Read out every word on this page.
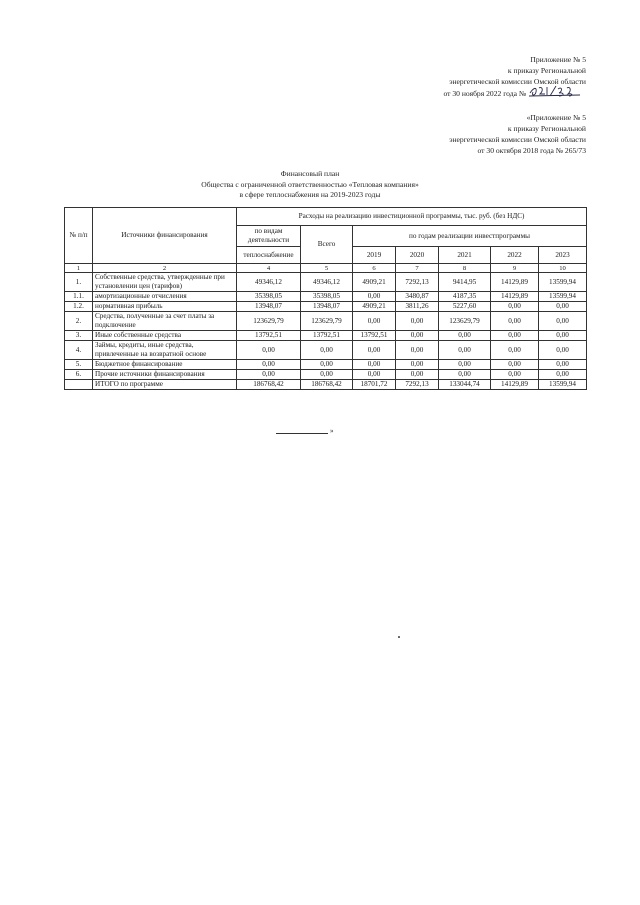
Приложение № 5
к приказу Региональной
энергетической комиссии Омской области
от 30 ноября 2022 года №
«Приложение № 5
к приказу Региональной
энергетической комиссии Омской области
от 30 октября 2018 года № 265/73
Финансовый план
Общества с ограниченной ответственностью «Тепловая компания»
в сфере теплоснабжения на 2019-2023 годы
№ п/п	Источники финансирования	Расходы на реализацию инвестиционной программы, тыс. руб. (без НДС)						
		по видам деятельности	Всего	по годам реализации инвестпрограммы				
		теплоснабжение		2019	2020	2021	2022	2023
1	2	4	5	6	7	8	9	10
1.	Собственные средства, утвержденные при установлении цен (тарифов)	49346,12	49346,12	4909,21	7292,13	9414,95	14129,89	13599,94
1.1.	амортизационные отчисления	35398,05	35398,05	0,00	3480,87	4187,35	14129,89	13599,94
1.2.	нормативная прибыль	13948,07	13948,07	4909,21	3811,26	5227,60	0,00	0,00
2.	Средства, полученные за счет платы за подключение	123629,79	123629,79	0,00	0,00	123629,79	0,00	0,00
3.	Иные собственные средства	13792,51	13792,51	13792,51	0,00	0,00	0,00	0,00
4.	Займы, кредиты, иные средства, привлеченные на возвратной основе	0,00	0,00	0,00	0,00	0,00	0,00	0,00
5.	Бюджетное финансирование	0,00	0,00	0,00	0,00	0,00	0,00	0,00
6.	Прочие источники финансирования	0,00	0,00	0,00	0,00	0,00	0,00	0,00
	ИТОГО по программе	186768,42	186768,42	18701,72	7292,13	133044,74	14129,89	13599,94
»
